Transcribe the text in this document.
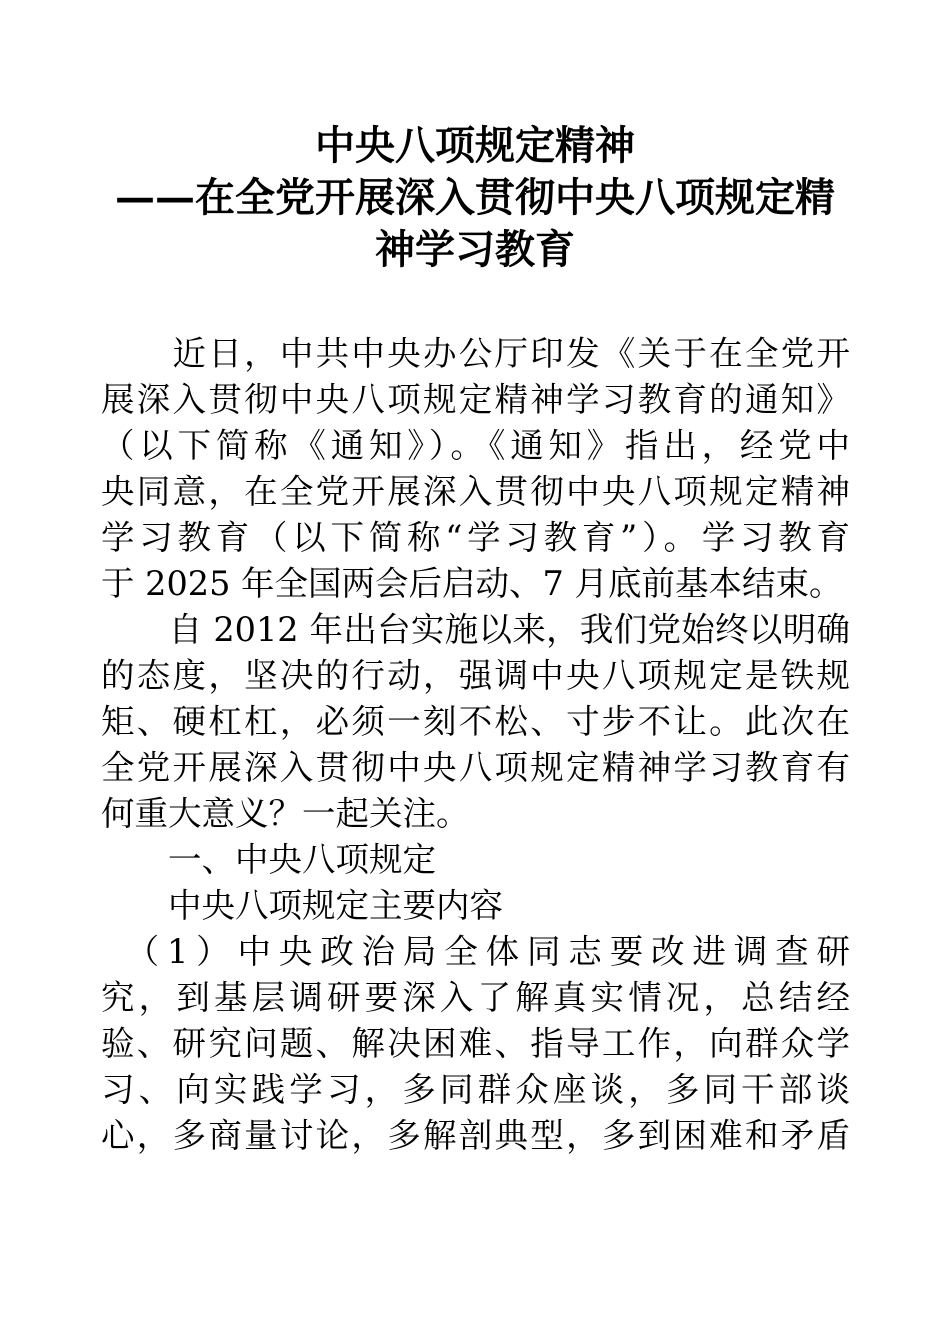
中央八项规定精神
——在全党开展深入贯彻中央八项规定精
神学习教育
　　近日，中共中央办公厅印发《关于在全党开
展深入贯彻中央八项规定精神学习教育的通知》
（以下简称《通知》）。《通知》指出，经党中
央同意，在全党开展深入贯彻中央八项规定精神
学习教育（以下简称“学习教育”）。学习教育
于 2025 年全国两会后启动、7 月底前基本结束。
　　自 2012 年出台实施以来，我们党始终以明确
的态度，坚决的行动，强调中央八项规定是铁规
矩、硬杠杠，必须一刻不松、寸步不让。此次在
全党开展深入贯彻中央八项规定精神学习教育有
何重大意义？一起关注。
　　一、中央八项规定
　　中央八项规定主要内容
　（1）中央政治局全体同志要改进调查研
究，到基层调研要深入了解真实情况，总结经
验、研究问题、解决困难、指导工作，向群众学
习、向实践学习，多同群众座谈，多同干部谈
心，多商量讨论，多解剖典型，多到困难和矛盾
